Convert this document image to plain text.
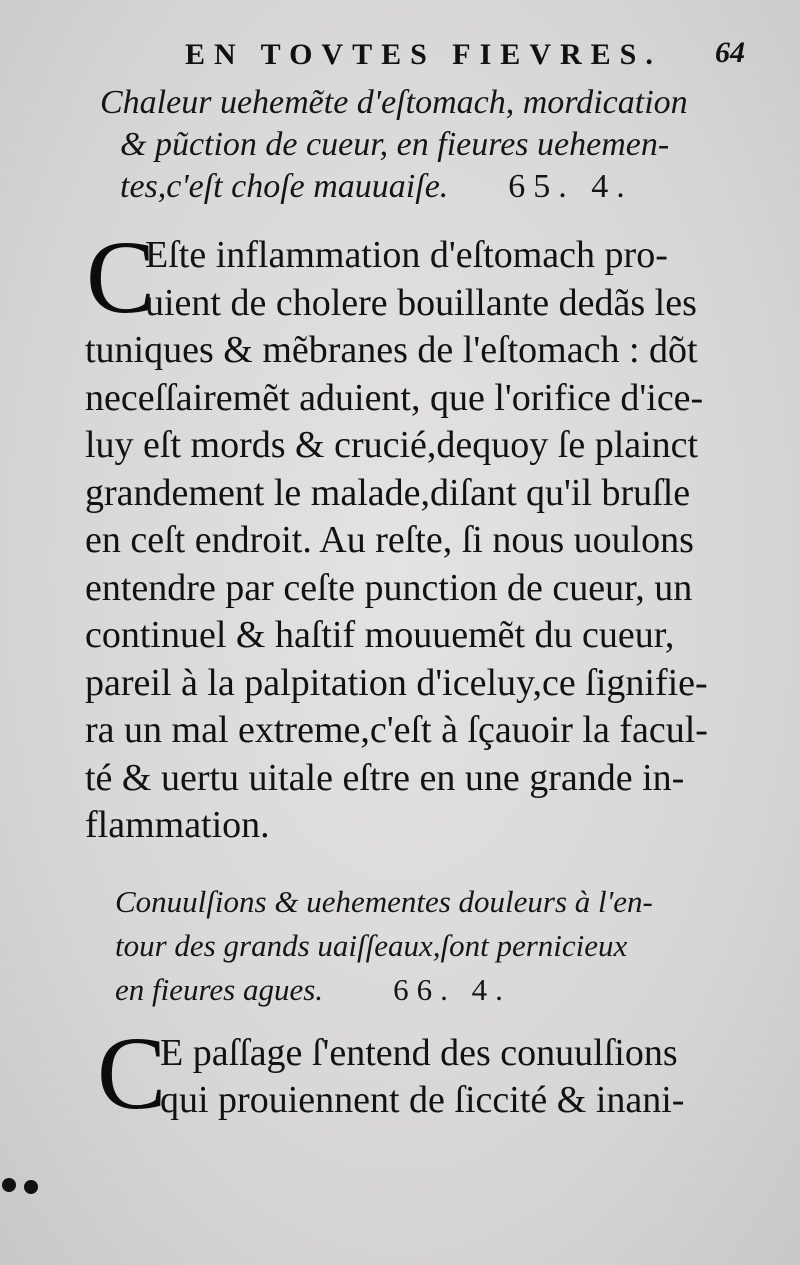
EN TOVTES FIEVRES. 64
Chaleur uehemẽte d'eſtomach, mordication
& pũction de cueur, en fieures uehemen-
tes,c'eſt choſe mauuaiſe. 65. 4.
C
Eſte inflammation d'eſtomach pro-
uient de cholere bouillante dedãs les
tuniques & mẽbranes de l'eſtomach : dõt
neceſſairemẽt aduient, que l'orifice d'ice-
luy eſt mords & crucié,dequoy ſe plainct
grandement le malade,diſant qu'il bruſle
en ceſt endroit. Au reſte, ſi nous uoulons
entendre par ceſte punction de cueur, un
continuel & haſtif mouuemẽt du cueur,
pareil à la palpitation d'iceluy,ce ſignifie-
ra un mal extreme,c'eſt à ſçauoir la facul-
té & uertu uitale eſtre en une grande in-
flammation.
Conuulſions & uehementes douleurs à l'en-
tour des grands uaiſſeaux,ſont pernicieux
en fieures agues. 66. 4.
C
E paſſage ſ'entend des conuulſions
qui prouiennent de ſiccité & inani-
